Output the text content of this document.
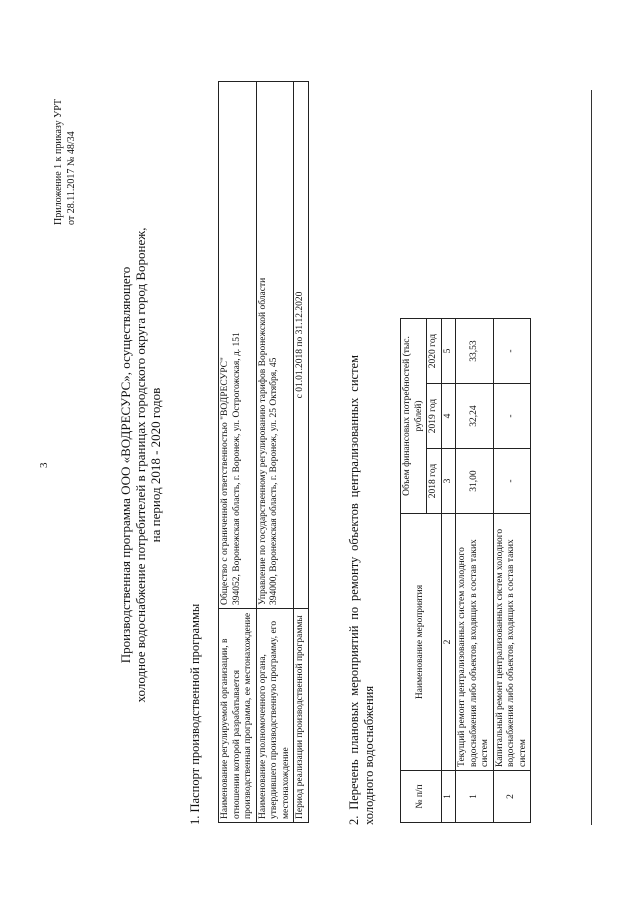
3
Приложение 1 к приказу УРТ от 28.11.2017 № 48/34
Производственная программа ООО «ВОДРЕСУРС», осуществляющего холодное водоснабжение потребителей в границах городского округа город Воронеж, на период 2018 - 2020 годов
1. Паспорт производственной программы Наименование регулируемой организации, в отношении которой разрабатывается производственная программа, ее местонахождение	Общество с ограниченной ответственностью "ВОДРЕСУРС"
394052, Воронежская область, г. Воронеж, ул. Острогожская, д. 151
Наименование уполномоченного органа, утвердившего производственную программу, его местонахождение	Управление по государственному регулированию тарифов Воронежской области
394000, Воронежская область, г. Воронеж, ул. 25 Октября, 45
Период реализации производственной программы	с 01.01.2018 по 31.12.2020
2. Перечень плановых мероприятий по ремонту объектов централизованных систем холодного водоснабжения	№ п/п	Наименование мероприятия	Объем финансовых потребностей (тыс. рублей)		
		2018 год	2019 год	2020 год
1	2	3	4	5
1	Текущий ремонт централизованных систем холодного водоснабжения либо объектов, входящих в состав таких систем	31,00	32,24	33,53
2	Капитальный ремонт централизованных систем холодного водоснабжения либо объектов, входящих в состав таких систем	-	-	-
